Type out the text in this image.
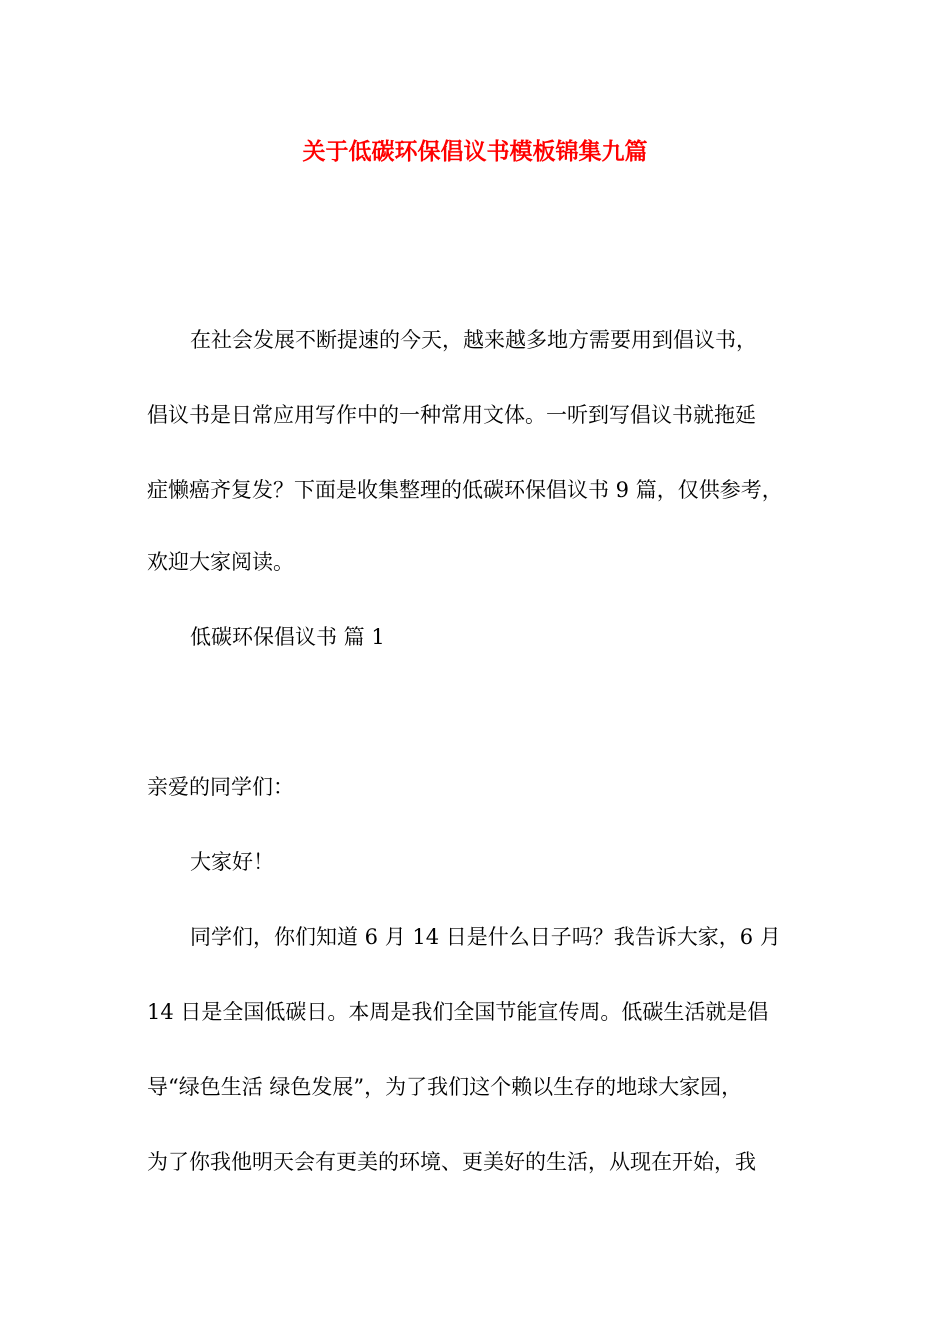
关于低碳环保倡议书模板锦集九篇
在社会发展不断提速的今天，越来越多地方需要用到倡议书，
倡议书是日常应用写作中的一种常用文体。一听到写倡议书就拖延
症懒癌齐复发？下面是收集整理的低碳环保倡议书 9 篇，仅供参考，
欢迎大家阅读。
低碳环保倡议书 篇 1
亲爱的同学们：
大家好！
同学们，你们知道 6 月 14 日是什么日子吗？我告诉大家，6 月
14 日是全国低碳日。本周是我们全国节能宣传周。低碳生活就是倡
导“绿色生活 绿色发展”，为了我们这个赖以生存的地球大家园，
为了你我他明天会有更美的环境、更美好的生活，从现在开始，我
